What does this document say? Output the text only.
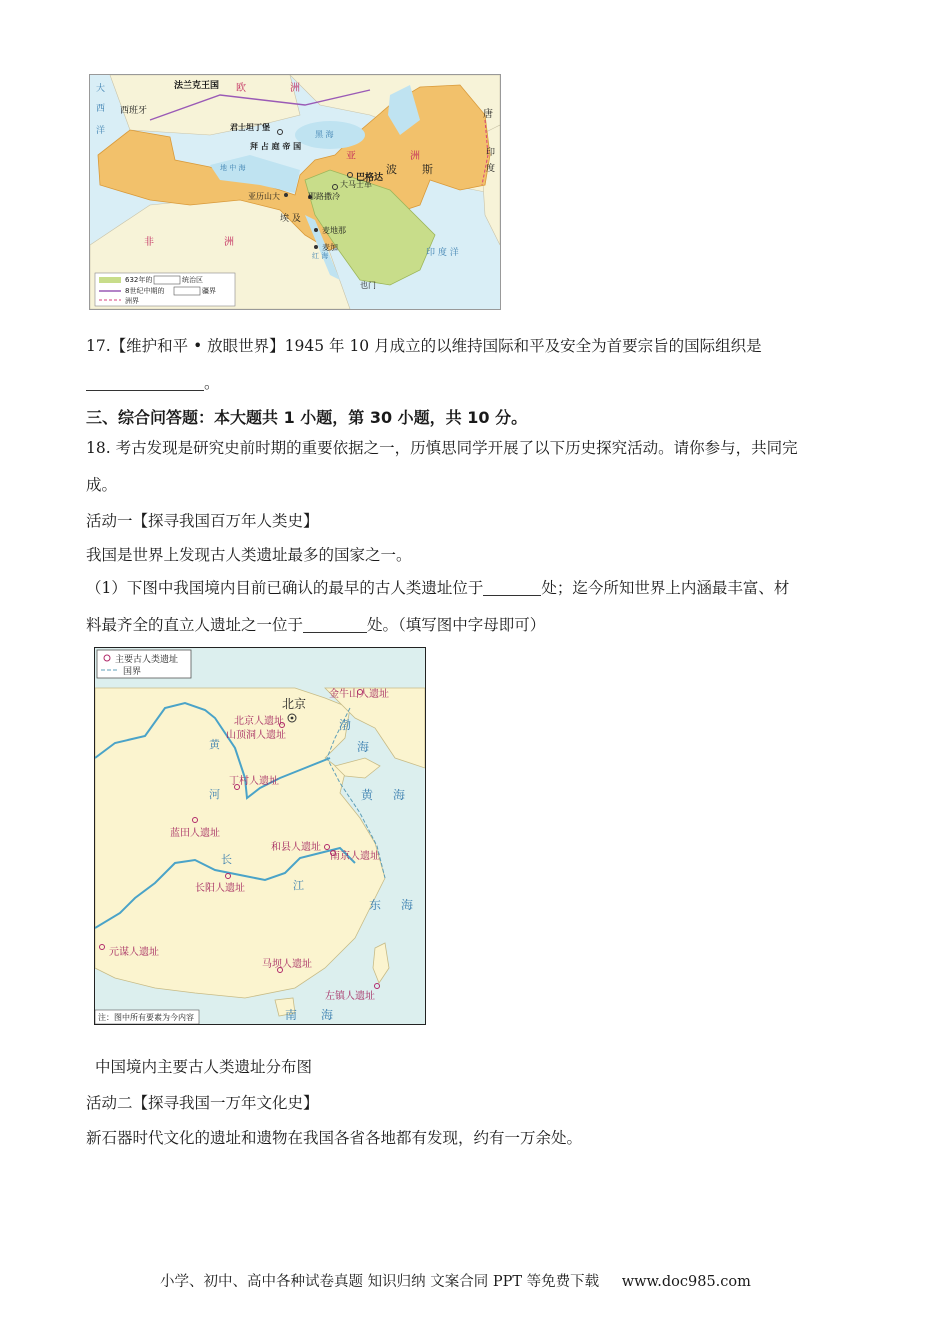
法兰克王国 欧	洲
大
西
洋
西班牙
君士坦丁堡
拜 占 庭 帝 国
黑 海
亚	洲
波 斯
唐
印
度
大马士革
巴格达
亚历山大	耶路撒冷
埃 及
麦地那
麦加
也门
非	洲
印 度 洋
红 海
地 中 海
632年的	统治区
8世纪中期的	疆界
洲界
17.【维护和平 • 放眼世界】1945 年 10 月成立的以维持国际和平及安全为首要宗旨的国际组织是
。
三、综合问答题：本大题共 1 小题，第 30 小题，共 10 分。
18. 考古发现是研究史前时期的重要依据之一，历慎思同学开展了以下历史探究活动。请你参与，共同完
成。
活动一【探寻我国百万年人类史】
我国是世界上发现古人类遗址最多的国家之一。
（1）下图中我国境内目前已确认的最早的古人类遗址位于	处；迄今所知世界上内涵最丰富、材
料最齐全的直立人遗址之一位于	处。（填写图中字母即可）
主要古人类遗址
国界
北京
金牛山人遗址
北京人遗址
山顶洞人遗址
丁村人遗址
蓝田人遗址
和县人遗址
南京人遗址
长阳人遗址
元谋人遗址
马坝人遗址
左镇人遗址
渤
海
黄 海
东 海
南 海
黄
河
长
江
注：图中所有要素为今内容
中国境内主要古人类遗址分布图
活动二【探寻我国一万年文化史】
新石器时代文化的遗址和遗物在我国各省各地都有发现，约有一万余处。
小学、初中、高中各种试卷真题 知识归纳 文案合同 PPT 等免费下载 www.doc985.com
